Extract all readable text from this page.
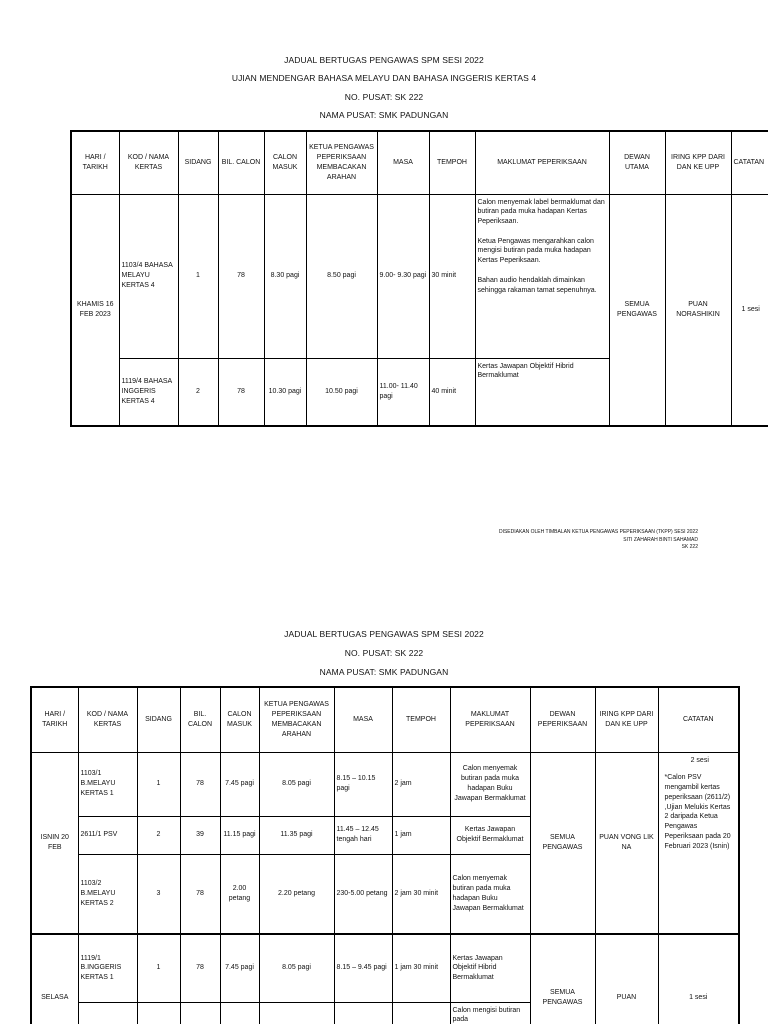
JADUAL BERTUGAS PENGAWAS SPM SESI 2022
UJIAN MENDENGAR BAHASA MELAYU DAN BAHASA INGGERIS KERTAS 4
NO. PUSAT: SK 222
NAMA PUSAT: SMK PADUNGAN
HARI / TARIKH	KOD / NAMA KERTAS	SIDANG	BIL. CALON	CALON MASUK	KETUA PENGAWAS PEPERIKSAAN MEMBACAKAN ARAHAN	MASA	TEMPOH	MAKLUMAT PEPERIKSAAN	DEWAN UTAMA	IRING KPP DARI DAN KE UPP	CATATAN
KHAMIS 16 FEB 2023	1103/4 BAHASA MELAYU KERTAS 4	1	78	8.30 pagi	8.50 pagi	9.00- 9.30 pagi	30 minit	Calon menyemak label bermaklumat dan butiran pada muka hadapan Kertas Peperiksaan.

Ketua Pengawas mengarahkan calon mengisi butiran pada muka hadapan Kertas Peperiksaan.

Bahan audio hendaklah dimainkan sehingga rakaman tamat sepenuhnya.	SEMUA PENGAWAS	PUAN NORASHIKIN	1 sesi
	1119/4 BAHASA INGGERIS KERTAS 4	2	78	10.30 pagi	10.50 pagi	11.00- 11.40 pagi	40 minit	Kertas Jawapan Objektif Hibrid Bermaklumat			
DISEDIAKAN OLEH TIMBALAN KETUA PENGAWAS PEPERIKSAAN (TKPP) SESI 2022
SITI ZAHARAH BINTI SAHAMAD
SK 222
JADUAL BERTUGAS PENGAWAS SPM SESI 2022
NO. PUSAT: SK 222
NAMA PUSAT: SMK PADUNGAN
HARI / TARIKH	KOD / NAMA KERTAS	SIDANG	BIL. CALON	CALON MASUK	KETUA PENGAWAS PEPERIKSAAN MEMBACAKAN ARAHAN	MASA	TEMPOH	MAKLUMAT PEPERIKSAAN	DEWAN PEPERIKSAAN	IRING KPP DARI DAN KE UPP	CATATAN
ISNIN 20 FEB	1103/1 B.MELAYU KERTAS 1	1	78	7.45 pagi	8.05 pagi	8.15 – 10.15 pagi	2 jam	Calon menyemak butiran pada muka hadapan Buku Jawapan Bermaklumat	SEMUA PENGAWAS	PUAN VONG LIK NA	2 sesi
*Calon PSV mengambil kertas peperiksaan (2611/2) ,Ujian Melukis Kertas 2 daripada Ketua Pengawas Peperiksaan pada 20 Februari 2023 (Isnin)

	2611/1 PSV	2	39	11.15 pagi	11.35 pagi	11.45 – 12.45 tengah hari	1 jam	Kertas Jawapan Objektif Bermaklumat			
	1103/2 B.MELAYU KERTAS 2	3	78	2.00 petang	2.20 petang	230-5.00 petang	2 jam 30 minit	Calon menyemak butiran pada muka hadapan Buku Jawapan Bermaklumat			
SELASA	1119/1 B.INGGERIS KERTAS 1	1	78	7.45 pagi	8.05 pagi	8.15 – 9.45 pagi	1 jam 30 minit	Kertas Jawapan Objektif Hibrid Bermaklumat	SEMUA PENGAWAS	PUAN	1 sesi
								Calon mengisi butiran pada			
